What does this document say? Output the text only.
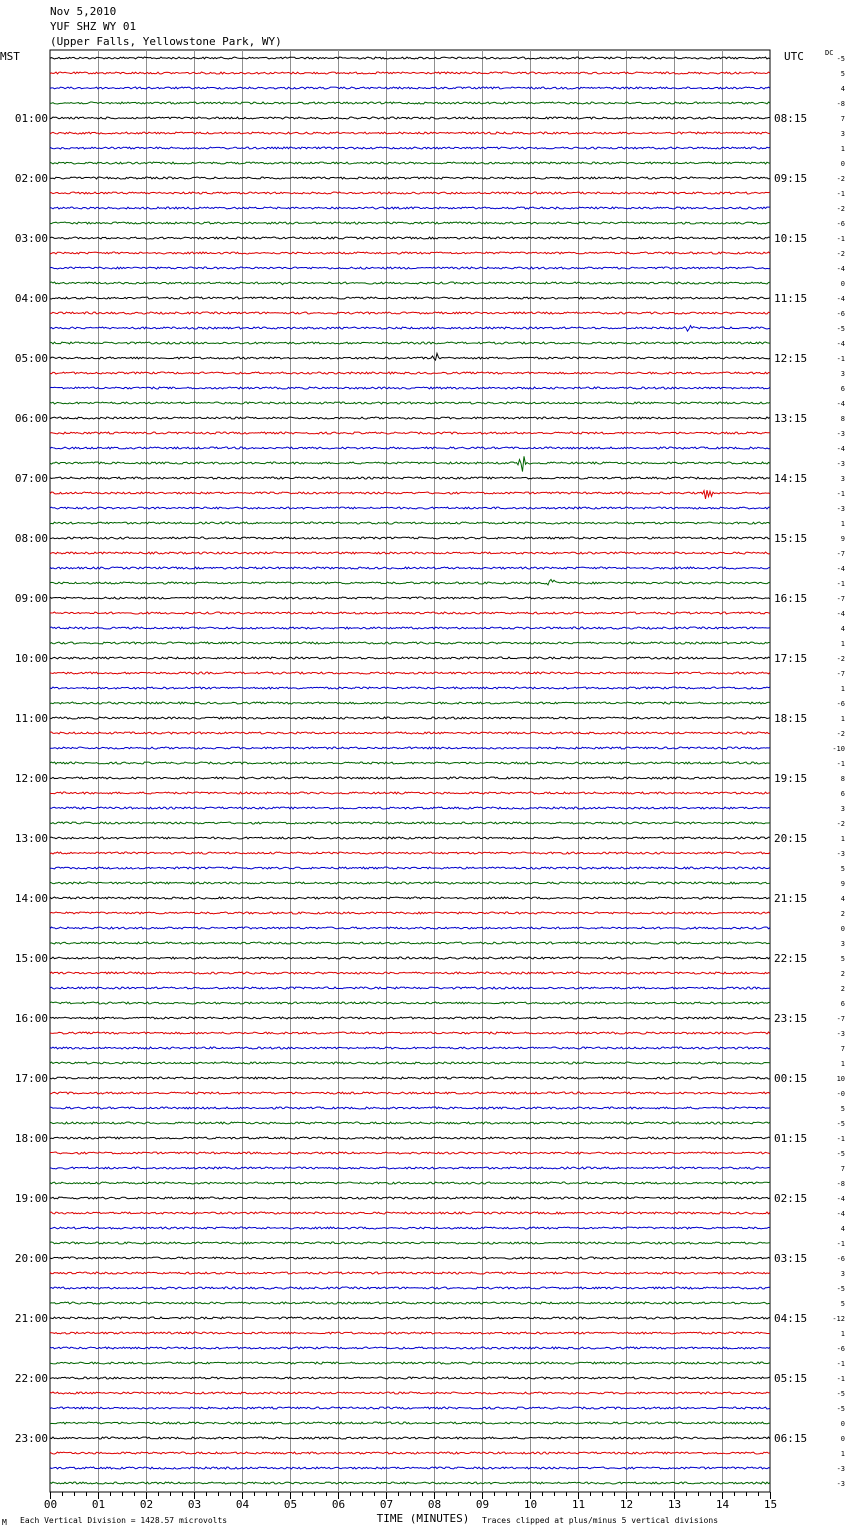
Nov 5,2010
YUF SHZ WY 01
(Upper Falls, Yellowstone Park, WY)
01:00
02:00
03:00
04:00
05:00
06:00
07:00
08:00
09:00
10:00
11:00
12:00
13:00
14:00
15:00
16:00
17:00
18:00
19:00
20:00
21:00
22:00
23:00
08:15
09:15
10:15
11:15
12:15
13:15
14:15
15:15
16:15
17:15
18:15
19:15
20:15
21:15
22:15
23:15
00:15
01:15
02:15
03:15
04:15
05:15
06:15
MST	UTC	DC
-5
5
4
-8
7
3
1
0
-2
-1
-2
-6
-1
-2
-4
0
-4
-6
-5
-4
-1
3
6
-4
8
-3
-4
-3
3
-1
-3
1
9
-7
-4
-1
-7
-4
4
1
-2
-7
1
-6
1
-2
-10
-1
8
6
3
-2
1
-3
5
9
4
2
0
3
5
2
2
6
-7
-3
7
1
10
-0
5
-5
-1
-5
7
-8
-4
-4
4
-1
-6
3
-5
5
-12
1
-6
-1
-1
-5
-5
0
0
1
-3
-3
00	01	02	03	04	05	06	07	08	09	10	11	12	13	14	15
TIME (MINUTES)
M Each Vertical Division = 1428.57 microvolts	Traces clipped at plus/minus 5 vertical divisions
